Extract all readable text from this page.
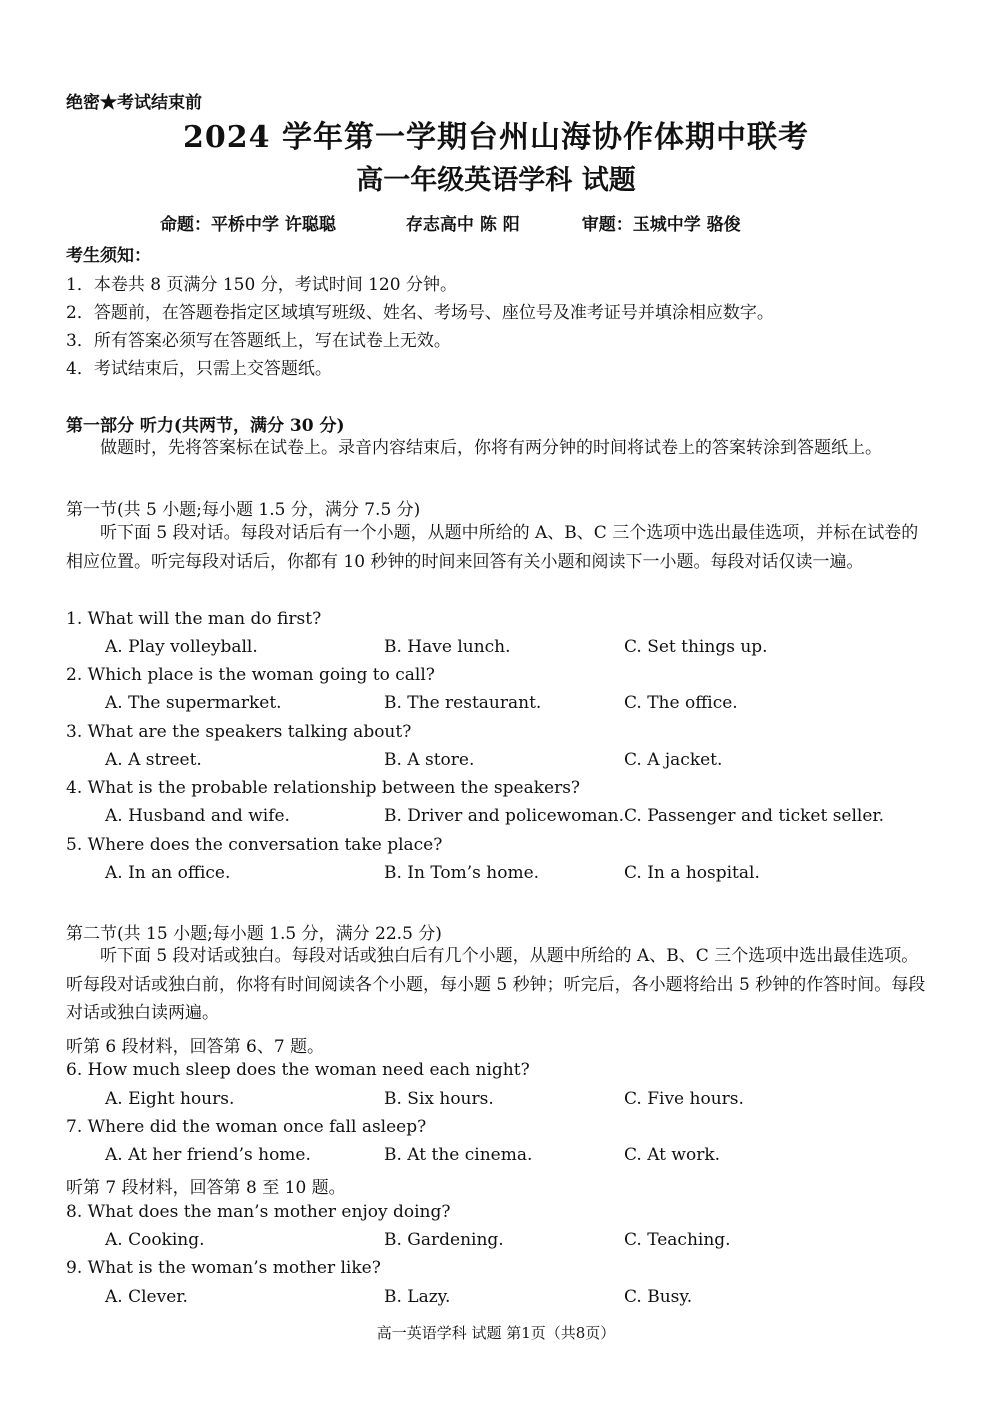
绝密★考试结束前
2024 学年第一学期台州山海协作体期中联考
高一年级英语学科 试题
命题：平桥中学 许聪聪	存志高中 陈 阳	审题：玉城中学 骆俊
考生须知：
1．本卷共 8 页满分 150 分，考试时间 120 分钟。
2．答题前，在答题卷指定区域填写班级、姓名、考场号、座位号及准考证号并填涂相应数字。
3．所有答案必须写在答题纸上，写在试卷上无效。
4．考试结束后，只需上交答题纸。
第一部分 听力(共两节，满分 30 分)
做题时，先将答案标在试卷上。录音内容结束后，你将有两分钟的时间将试卷上的答案转涂到答题纸上。
第一节(共 5 小题;每小题 1.5 分，满分 7.5 分)
听下面 5 段对话。每段对话后有一个小题，从题中所给的 A、B、C 三个选项中选出最佳选项，并标在试卷的相应位置。听完每段对话后，你都有 10 秒钟的时间来回答有关小题和阅读下一小题。每段对话仅读一遍。
1. What will the man do first?
A. Play volleyball.	B. Have lunch.	C. Set things up.
2. Which place is the woman going to call?
A. The supermarket.	B. The restaurant.	C. The office.
3. What are the speakers talking about?
A. A street.	B. A store.	C. A jacket.
4. What is the probable relationship between the speakers?
A. Husband and wife.	B. Driver and policewoman. C. Passenger and ticket seller.
5. Where does the conversation take place?
A. In an office.	B. In Tom’s home.	C. In a hospital.
第二节(共 15 小题;每小题 1.5 分，满分 22.5 分)
听下面 5 段对话或独白。每段对话或独白后有几个小题，从题中所给的 A、B、C 三个选项中选出最佳选项。听每段对话或独白前，你将有时间阅读各个小题，每小题 5 秒钟；听完后，各小题将给出 5 秒钟的作答时间。每段对话或独白读两遍。
听第 6 段材料，回答第 6、7 题。
6. How much sleep does the woman need each night?
A. Eight hours.	B. Six hours.	C. Five hours.
7. Where did the woman once fall asleep?
A. At her friend’s home.	B. At the cinema.	C. At work.
听第 7 段材料，回答第 8 至 10 题。
8. What does the man’s mother enjoy doing?
A. Cooking.	B. Gardening.	C. Teaching.
9. What is the woman’s mother like?
A. Clever.	B. Lazy.	C. Busy.
高一英语学科 试题 第1页（共8页）
